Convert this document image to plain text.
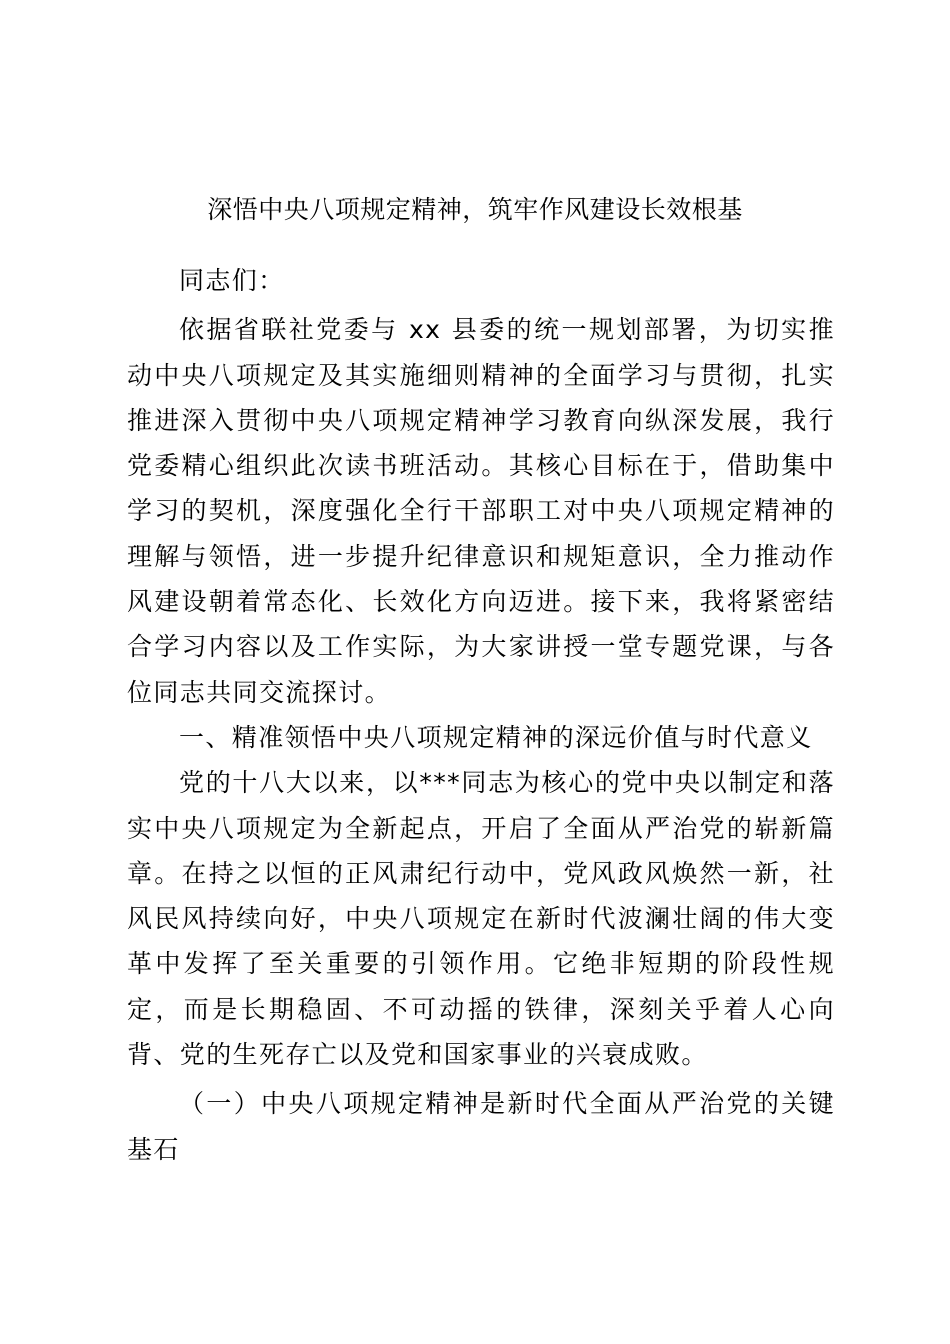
深悟中央八项规定精神，筑牢作风建设长效根基

同志们：

依据省联社党委与 xx 县委的统一规划部署，为切实推动中央八项规定及其实施细则精神的全面学习与贯彻，扎实推进深入贯彻中央八项规定精神学习教育向纵深发展，我行党委精心组织此次读书班活动。其核心目标在于，借助集中学习的契机，深度强化全行干部职工对中央八项规定精神的理解与领悟，进一步提升纪律意识和规矩意识，全力推动作风建设朝着常态化、长效化方向迈进。接下来，我将紧密结合学习内容以及工作实际，为大家讲授一堂专题党课，与各位同志共同交流探讨。

一、精准领悟中央八项规定精神的深远价值与时代意义

党的十八大以来，以***同志为核心的党中央以制定和落实中央八项规定为全新起点，开启了全面从严治党的崭新篇章。在持之以恒的正风肃纪行动中，党风政风焕然一新，社风民风持续向好，中央八项规定在新时代波澜壮阔的伟大变革中发挥了至关重要的引领作用。它绝非短期的阶段性规定，而是长期稳固、不可动摇的铁律，深刻关乎着人心向背、党的生死存亡以及党和国家事业的兴衰成败。

（一）中央八项规定精神是新时代全面从严治党的关键基石
